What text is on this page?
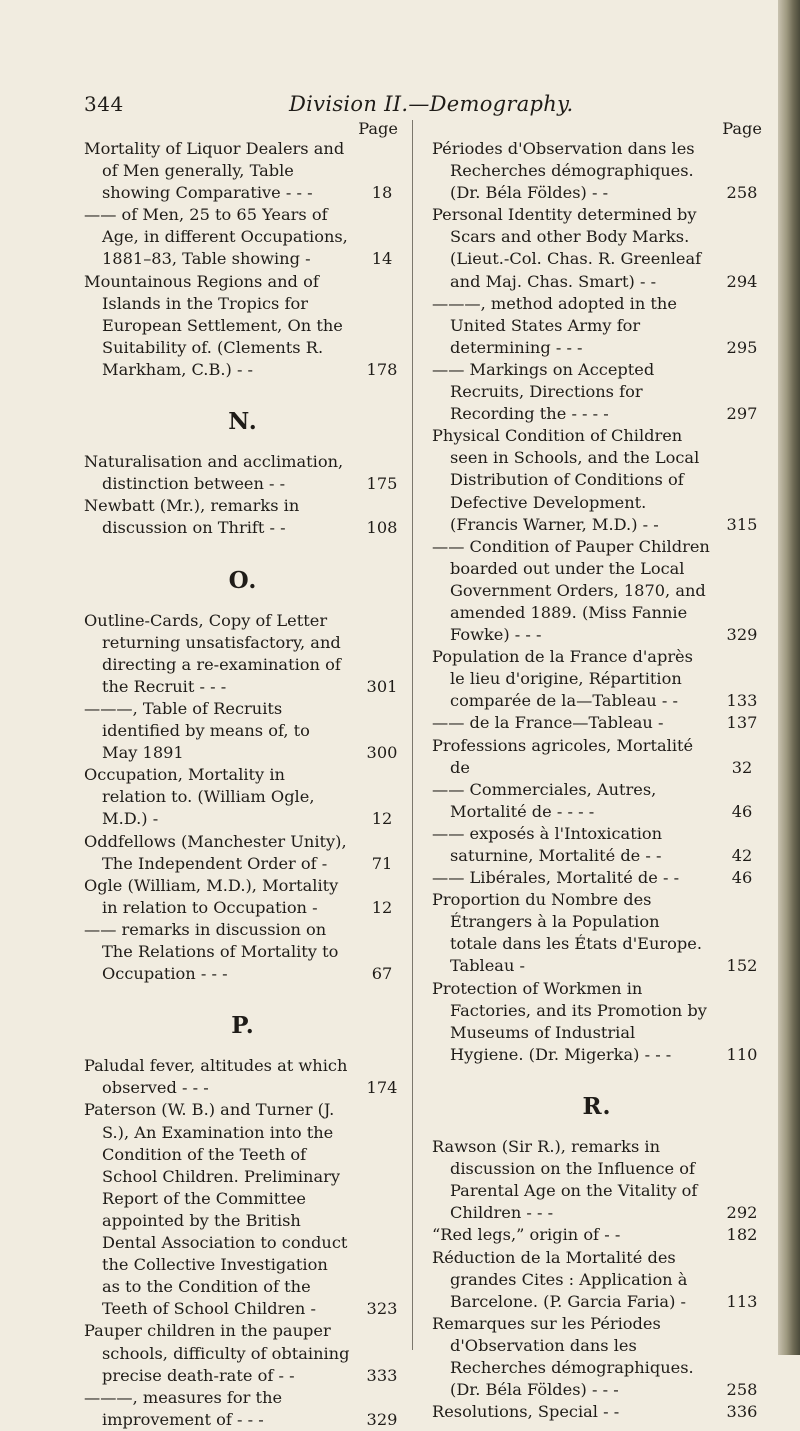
344	Division II.—Demography.
Page
Mortality of Liquor Dealers and of Men generally, Table showing Comparative - - -	18
—— of Men, 25 to 65 Years of Age, in different Occupations, 1881–83, Table showing -	14
Mountainous Regions and of Islands in the Tropics for European Settlement, On the Suitability of. (Clements R. Markham, C.B.) - -	178
N.
Naturalisation and acclimation, distinction between - -	175
Newbatt (Mr.), remarks in discussion on Thrift - -	108
O.
Outline-Cards, Copy of Letter returning unsatisfactory, and directing a re-examination of the Recruit - - -	301
———, Table of Recruits identified by means of, to May 1891	300
Occupation, Mortality in relation to. (William Ogle, M.D.) -	12
Oddfellows (Manchester Unity), The Independent Order of -	71
Ogle (William, M.D.), Mortality in relation to Occupation -	12
—— remarks in discussion on The Relations of Mortality to Occupation - - -	67
P.
Paludal fever, altitudes at which observed - - -	174
Paterson (W. B.) and Turner (J. S.), An Examination into the Condition of the Teeth of School Children. Preliminary Report of the Committee appointed by the British Dental Association to conduct the Collective Investigation as to the Condition of the Teeth of School Children -	323
Pauper children in the pauper schools, difficulty of obtaining precise death-rate of - -	333
———, measures for the improvement of - - -	329
Page
Périodes d'Observation dans les Recherches démographiques. (Dr. Béla Földes) - -	258
Personal Identity determined by Scars and other Body Marks. (Lieut.-Col. Chas. R. Greenleaf and Maj. Chas. Smart) - -	294
———, method adopted in the United States Army for determining - - -	295
—— Markings on Accepted Recruits, Directions for Recording the - - - -	297
Physical Condition of Children seen in Schools, and the Local Distribution of Conditions of Defective Development. (Francis Warner, M.D.) - -	315
—— Condition of Pauper Children boarded out under the Local Government Orders, 1870, and amended 1889. (Miss Fannie Fowke) - - -	329
Population de la France d'après le lieu d'origine, Répartition comparée de la—Tableau - -	133
—— de la France—Tableau -	137
Professions agricoles, Mortalité de	32
—— Commerciales, Autres, Mortalité de - - - -	46
—— exposés à l'Intoxication saturnine, Mortalité de - -	42
—— Libérales, Mortalité de - -	46
Proportion du Nombre des Étrangers à la Population totale dans les États d'Europe. Tableau -	152
Protection of Workmen in Factories, and its Promotion by Museums of Industrial Hygiene. (Dr. Migerka) - - -	110
R.
Rawson (Sir R.), remarks in discussion on the Influence of Parental Age on the Vitality of Children - - -	292
“Red legs,” origin of - -	182
Réduction de la Mortalité des grandes Cites : Application à Barcelone. (P. Garcia Faria) -	113
Remarques sur les Périodes d'Observation dans les Recherches démographiques. (Dr. Béla Földes) - - -	258
Resolutions, Special - -	336
